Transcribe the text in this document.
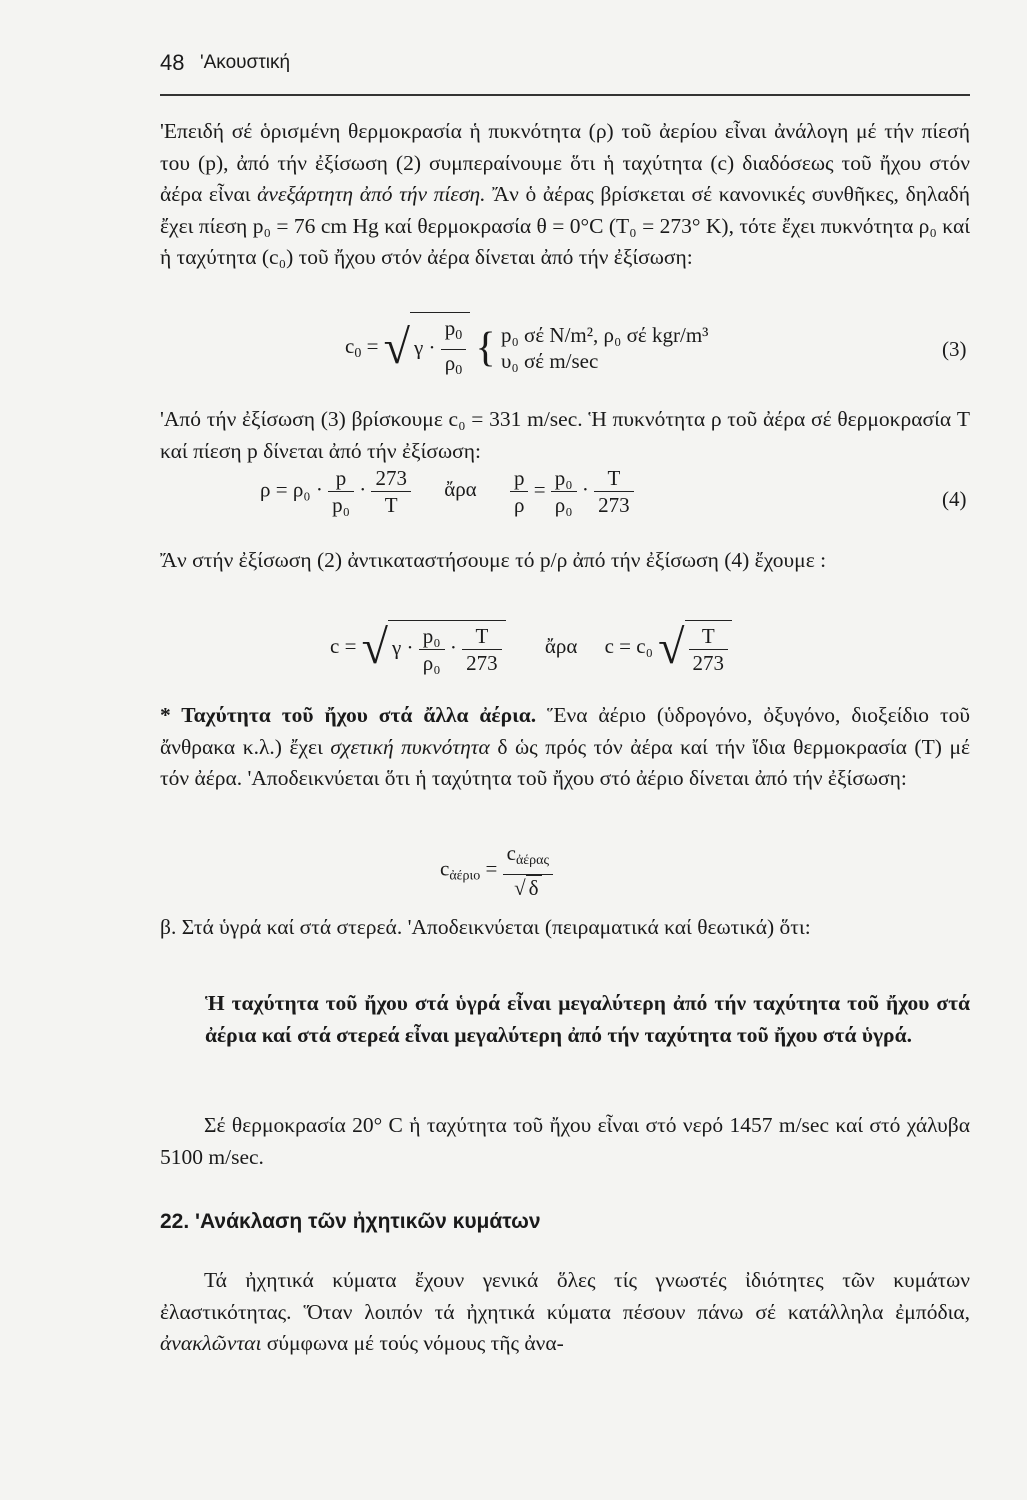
48 'Ακουστική
'Επειδή σέ ὁρισμένη θερμοκρασία ἡ πυκνότητα (ρ) τοῦ ἀερίου εἶναι ἀνάλογη μέ τήν πίεσή του (p), ἀπό τήν ἐξίσωση (2) συμπεραίνουμε ὅτι ἡ ταχύτητα (c) διαδόσεως τοῦ ἤχου στόν ἀέρα εἶναι ἀνεξάρτητη ἀπό τήν πίεση. Ἄν ὁ ἀέρας βρίσκεται σέ κανονικές συνθῆκες, δηλαδή ἔχει πίεση p₀ = 76 cm Hg καί θερμοκρασία θ = 0°C (T₀ = 273° K), τότε ἔχει πυκνότητα ρ₀ καί ἡ ταχύτητα (c₀) τοῦ ἤχου στόν ἀέρα δίνεται ἀπό τήν ἐξίσωση:
$c_0$ = √ $\gamma \cdot \frac{p_0}{\rho_0}$ { p₀ σέ N/m², ρ₀ σέ kgr/m³
υ₀ σέ m/sec	(3)
'Από τήν ἐξίσωση (3) βρίσκουμε c₀ = 331 m/sec. Ἡ πυκνότητα ρ τοῦ ἀέρα σέ θερμοκρασία T καί πίεση p δίνεται ἀπό τήν ἐξίσωση:
$\rho = \rho_0 \cdot \frac{p}{\text{p₀}} \cdot \frac{273}{T}$ ἄρα $\frac{p}{\rho} = \frac{\text{p₀}}{\text{ρ₀}} \cdot \frac{T}{273}$	(4)
Ἄν στήν ἐξίσωση (2) ἀντικαταστήσουμε τό p/ρ ἀπό τήν ἐξίσωση (4) ἔχουμε :
c = √ $\gamma \cdot \frac{\text{p₀}}{\text{ρ₀}} \cdot \frac{T}{273}$ ἄρα c = c₀ √ $\frac{T}{273}$
* Ταχύτητα τοῦ ἤχου στά ἄλλα ἀέρια. Ἕνα ἀέριο (ὑδρογόνο, ὀξυγόνο, διοξείδιο τοῦ ἄνθρακα κ.λ.) ἔχει σχετική πυκνότητα δ ὡς πρός τόν ἀέρα καί τήν ἴδια θερμοκρασία (T) μέ τόν ἀέρα. 'Αποδεικνύεται ὅτι ἡ ταχύτητα τοῦ ἤχου στό ἀέριο δίνεται ἀπό τήν ἐξίσωση:
$c_{ἀέ\rho\iota o} = \frac{c_{ἀέ\rho\alpha\varsigma}}{√ \delta}$
β. Στά ὑγρά καί στά στερεά. 'Αποδεικνύεται (πειραματικά καί θεωτικά) ὅτι:
Ἡ ταχύτητα τοῦ ἤχου στά ὑγρά εἶναι μεγαλύτερη ἀπό τήν ταχύτητα τοῦ ἤχου στά ἀέρια καί στά στερεά εἶναι μεγαλύτερη ἀπό τήν ταχύτητα τοῦ ἤχου στά ὑγρά.
Σέ θερμοκρασία 20° C ἡ ταχύτητα τοῦ ἤχου εἶναι στό νερό 1457 m/sec καί στό χάλυβα 5100 m/sec.
22. 'Ανάκλαση τῶν ἠχητικῶν κυμάτων
Τά ἠχητικά κύματα ἔχουν γενικά ὅλες τίς γνωστές ἰδιότητες τῶν κυμάτων ἐλαστικότητας. Ὅταν λοιπόν τά ἠχητικά κύματα πέσουν πάνω σέ κατάλληλα ἐμπόδια, ἀνακλῶνται σύμφωνα μέ τούς νόμους τῆς ἀνα-
